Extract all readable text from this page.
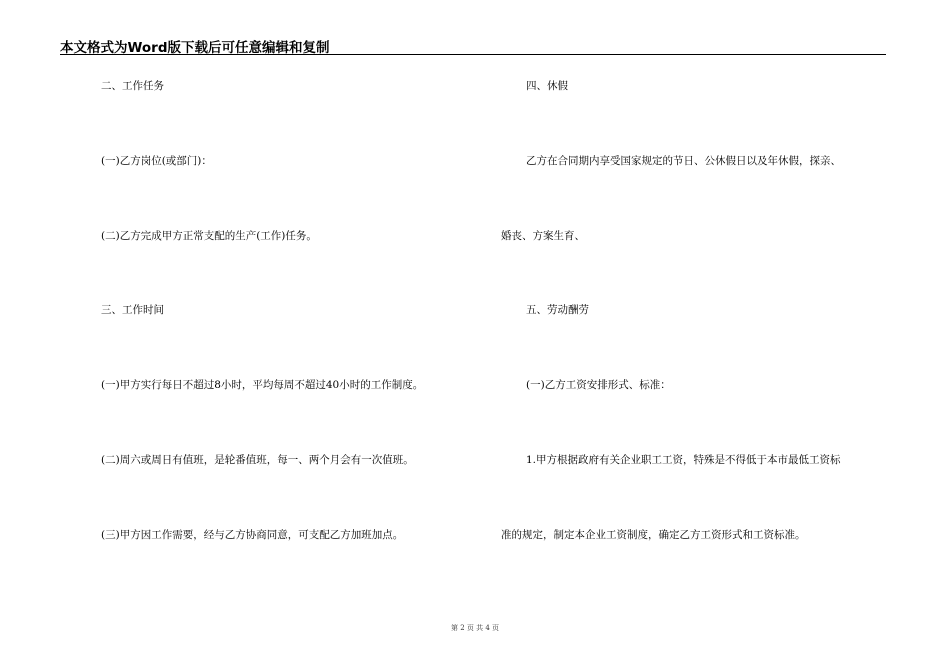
本文格式为Word版下载后可任意编辑和复制
二、工作任务
(一)乙方岗位(或部门)：
(二)乙方完成甲方正常支配的生产(工作)任务。
三、工作时间
(一)甲方实行每日不超过8小时，平均每周不超过40小时的工作制度。
(二)周六或周日有值班，是轮番值班，每一、两个月会有一次值班。
(三)甲方因工作需要，经与乙方协商同意，可支配乙方加班加点。
四、休假
乙方在合同期内享受国家规定的节日、公休假日以及年休假，探亲、
婚丧、方案生育、
五、劳动酬劳
(一)乙方工资安排形式、标准：
1.甲方根据政府有关企业职工工资，特殊是不得低于本市最低工资标
准的规定，制定本企业工资制度，确定乙方工资形式和工资标准。
第 2 页 共 4 页
